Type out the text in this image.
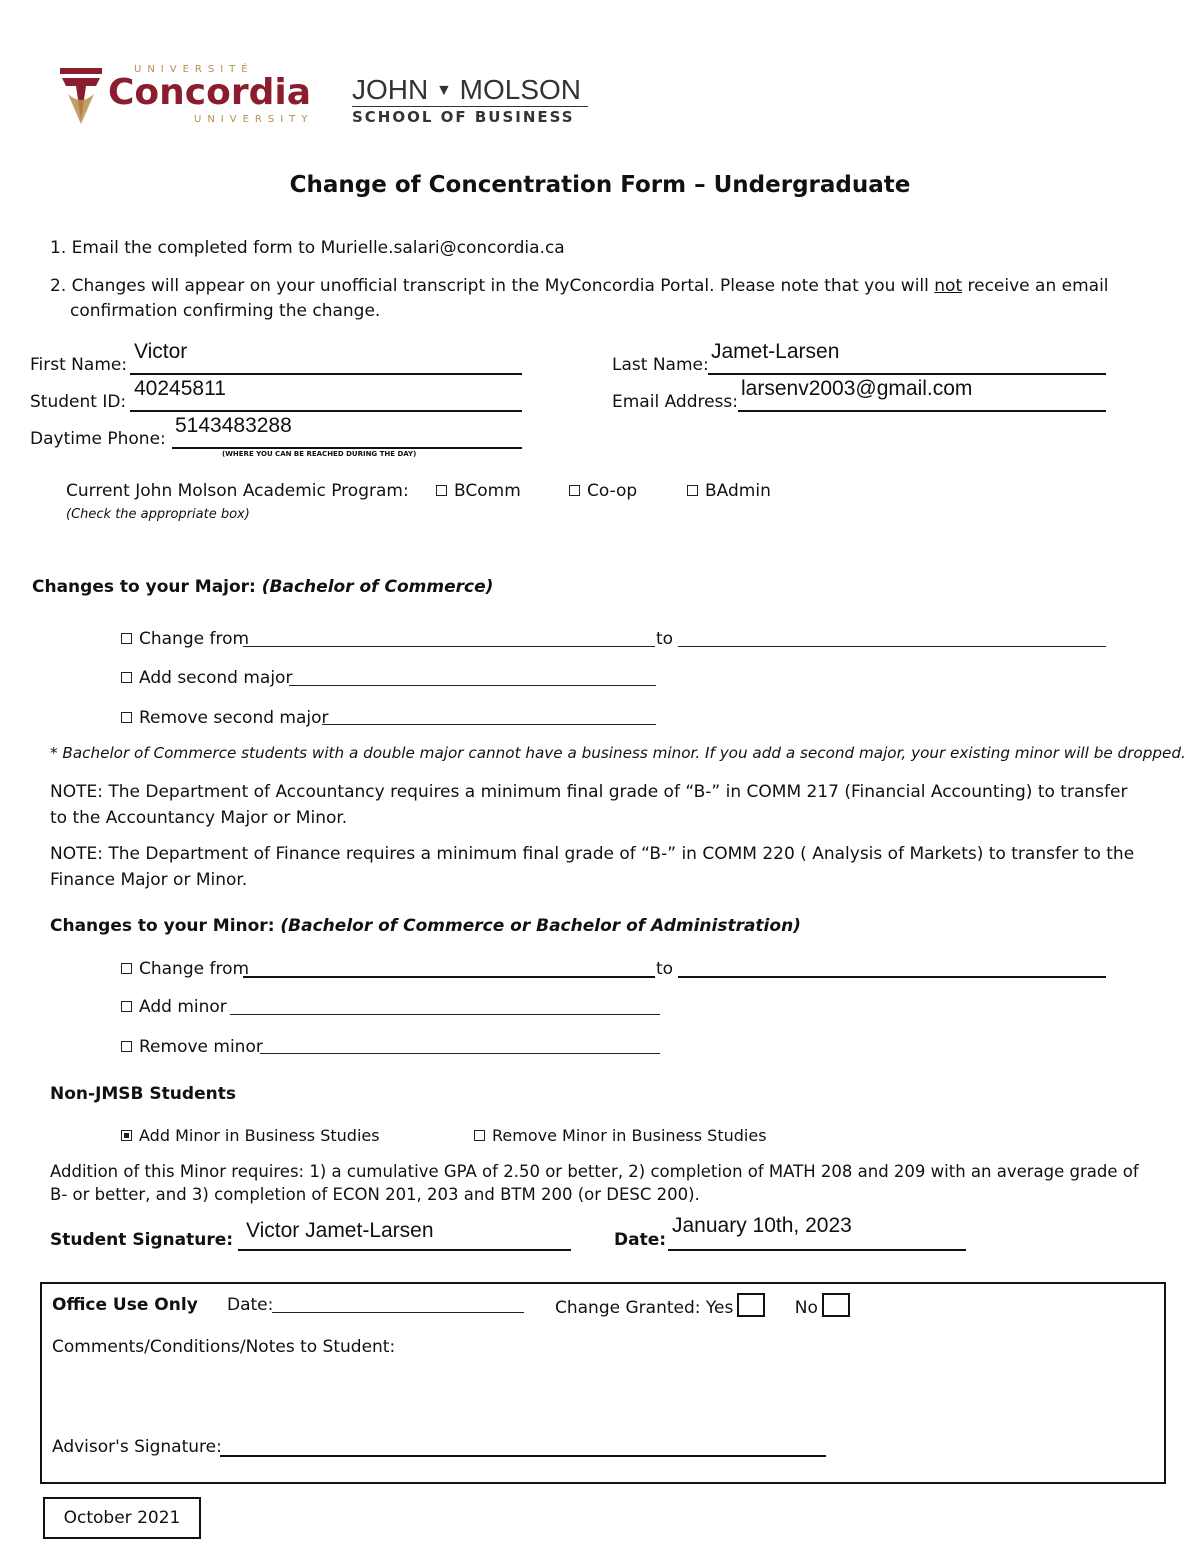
UNIVERSITÉ
Concordia
UNIVERSITY
JOHN ▼ MOLSON
SCHOOL OF BUSINESS
Change of Concentration Form – Undergraduate
1. Email the completed form to Murielle.salari@concordia.ca
2. Changes will appear on your unofficial transcript in the MyConcordia Portal. Please note that you will not receive an email
confirmation confirming the change.
First Name:
Victor
Last Name:
Jamet-Larsen
Student ID:
40245811
Email Address:
larsenv2003@gmail.com
Daytime Phone:
5143483288
(WHERE YOU CAN BE REACHED DURING THE DAY)
Current John Molson Academic Program:	BComm	Co-op	BAdmin
(Check the appropriate box)
Changes to your Major: (Bachelor of Commerce)
Change from	to
Add second major
Remove second major
* Bachelor of Commerce students with a double major cannot have a business minor. If you add a second major, your existing minor will be dropped.
NOTE: The Department of Accountancy requires a minimum final grade of “B-” in COMM 217 (Financial Accounting) to transfer to the Accountancy Major or Minor.
NOTE: The Department of Finance requires a minimum final grade of “B-” in COMM 220 ( Analysis of Markets) to transfer to the Finance Major or Minor.
Changes to your Minor: (Bachelor of Commerce or Bachelor of Administration)
Change from	to
Add minor
Remove minor
Non-JMSB Students
Add Minor in Business Studies	Remove Minor in Business Studies
Addition of this Minor requires: 1) a cumulative GPA of 2.50 or better, 2) completion of MATH 208 and 209 with an average grade of B- or better, and 3) completion of ECON 201, 203 and BTM 200 (or DESC 200).
Student Signature: Victor Jamet-Larsen	Date:
January 10th, 2023
Office Use Only Date:	Change Granted: Yes	No
Comments/Conditions/Notes to Student:
Advisor's Signature:
October 2021
